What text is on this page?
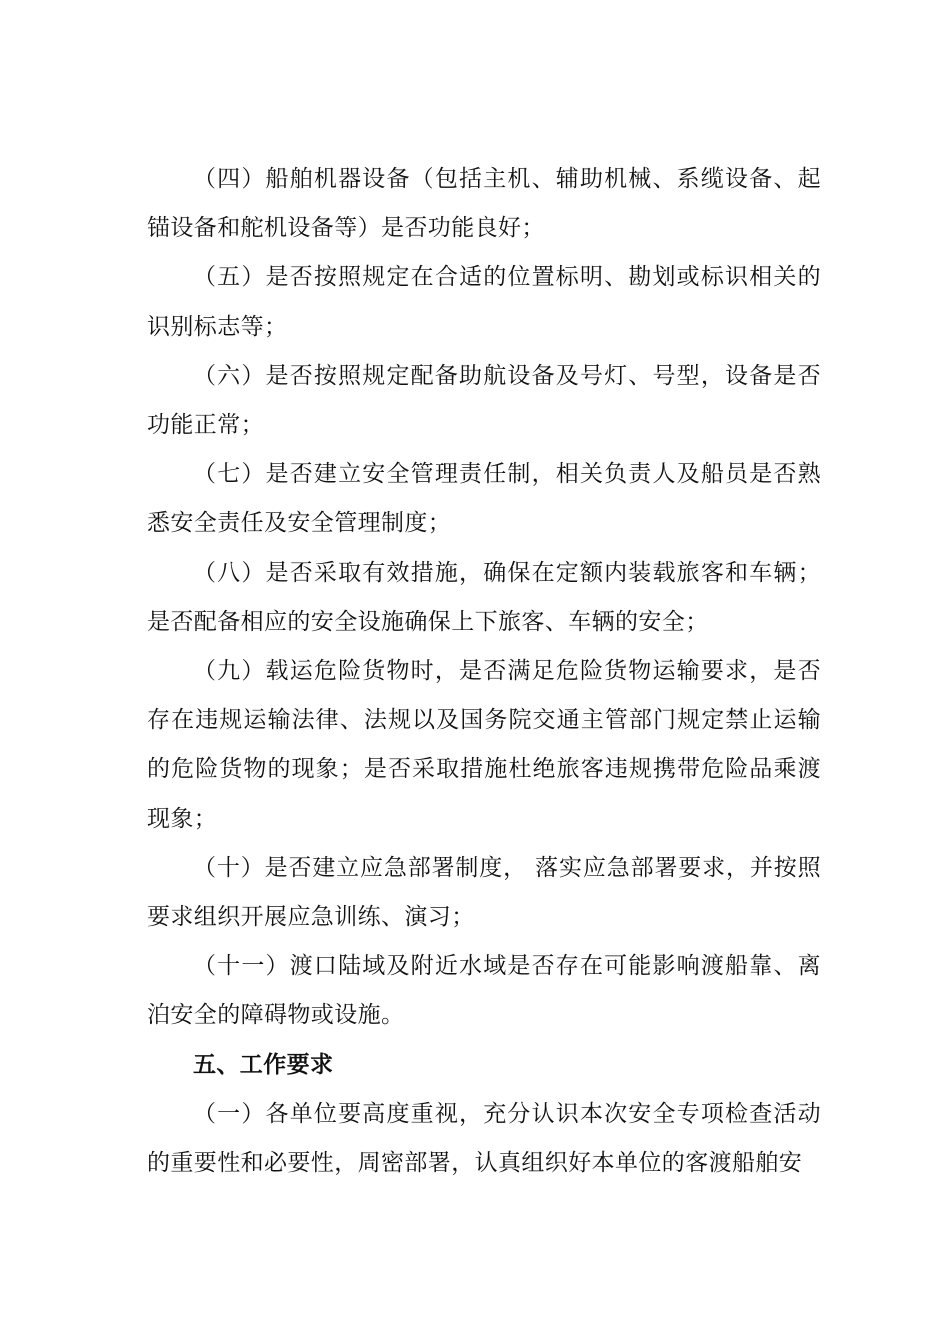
（四）船舶机器设备（包括主机、辅助机械、系缆设备、起锚设备和舵机设备等）是否功能良好；

（五）是否按照规定在合适的位置标明、勘划或标识相关的识别标志等；

（六）是否按照规定配备助航设备及号灯、号型，设备是否功能正常；

（七）是否建立安全管理责任制，相关负责人及船员是否熟悉安全责任及安全管理制度；

（八）是否采取有效措施，确保在定额内装载旅客和车辆；是否配备相应的安全设施确保上下旅客、车辆的安全；

（九）载运危险货物时，是否满足危险货物运输要求，是否存在违规运输法律、法规以及国务院交通主管部门规定禁止运输的危险货物的现象；是否采取措施杜绝旅客违规携带危险品乘渡现象；

（十）是否建立应急部署制度， 落实应急部署要求，并按照要求组织开展应急训练、演习；

（十一）渡口陆域及附近水域是否存在可能影响渡船靠、离泊安全的障碍物或设施。

五、工作要求

（一）各单位要高度重视，充分认识本次安全专项检查活动的重要性和必要性，周密部署，认真组织好本单位的客渡船舶安
